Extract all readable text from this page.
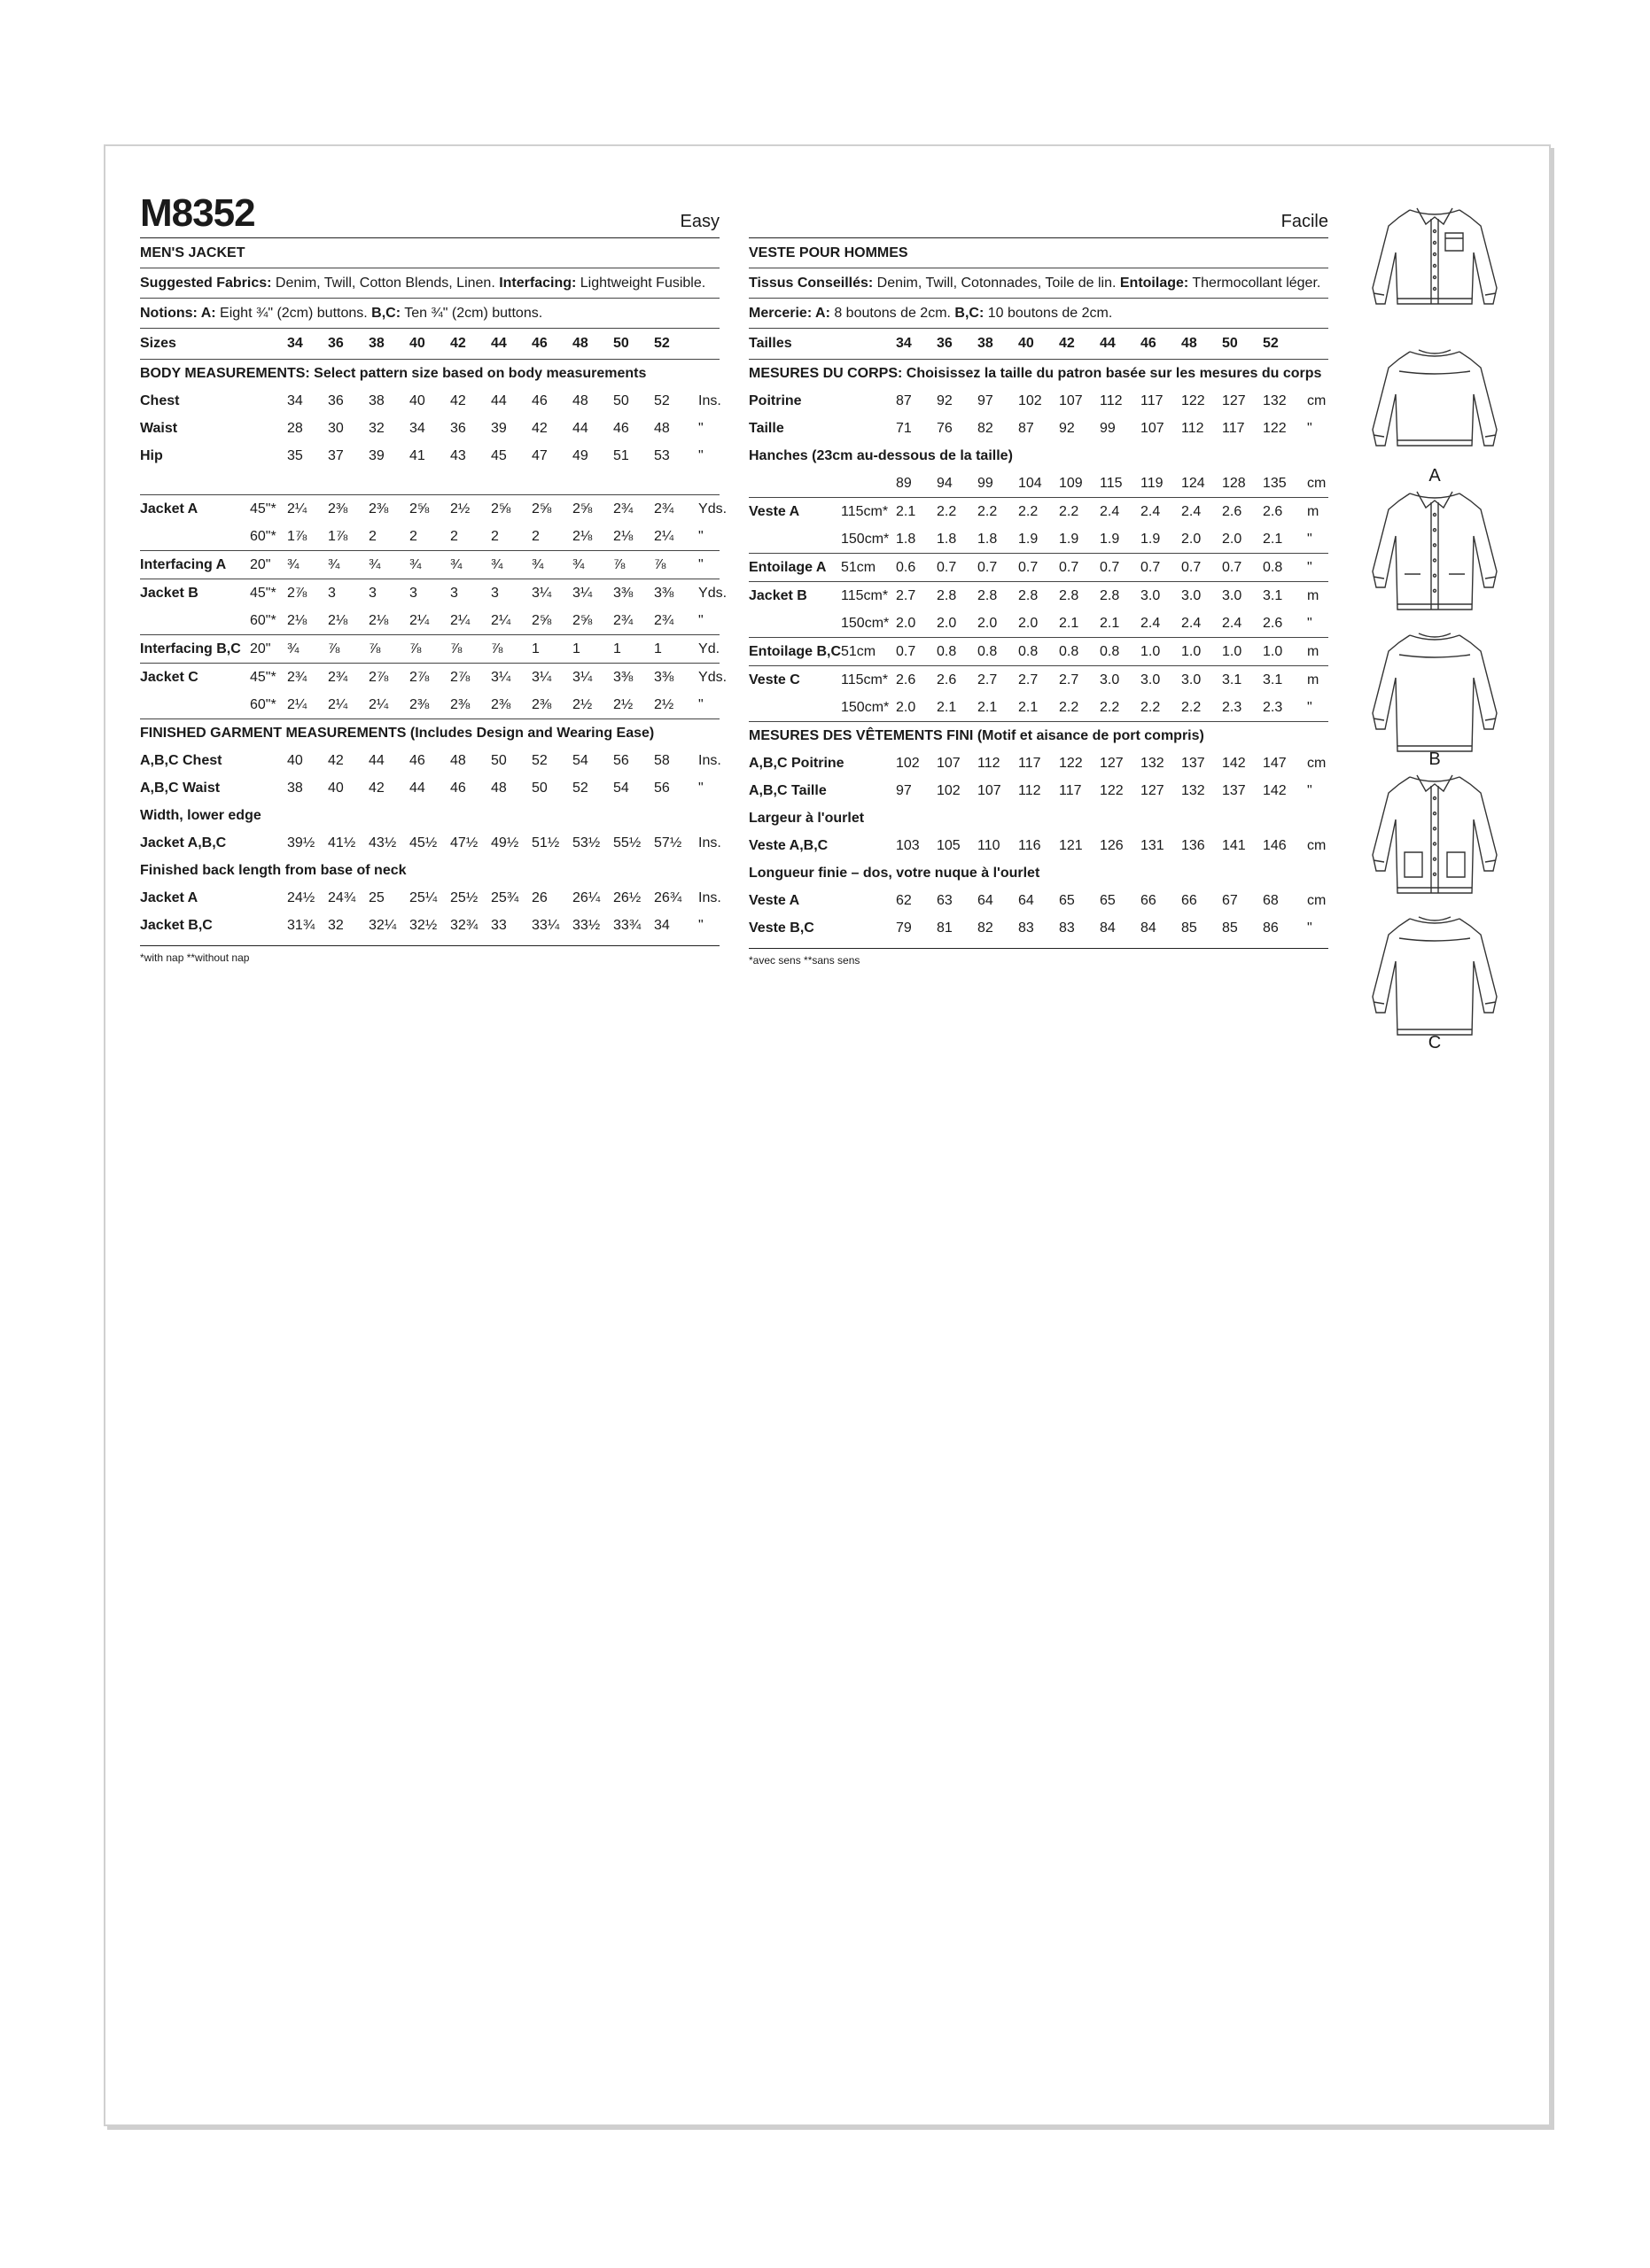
M8352	Easy
MEN'S JACKET
Suggested Fabrics: Denim, Twill, Cotton Blends, Linen. Interfacing: Lightweight Fusible.
Notions: A: Eight ¾" (2cm) buttons. B,C: Ten ¾" (2cm) buttons.
Sizes		34	36	38	40	42	44	46	48	50	52	
BODY MEASUREMENTS: Select pattern size based on body measurements												
Chest		34	36	38	40	42	44	46	48	50	52	Ins.
Waist		28	30	32	34	36	39	42	44	46	48	"
Hip		35	37	39	41	43	45	47	49	51	53	"

Jacket A	45"*	2¼	2⅜	2⅜	2⅝	2½	2⅝	2⅝	2⅝	2¾	2¾	Yds.
	60"*	1⅞	1⅞	2	2	2	2	2	2⅛	2⅛	2¼	"
Interfacing A	20"	¾	¾	¾	¾	¾	¾	¾	¾	⅞	⅞	"
Jacket B	45"*	2⅞	3	3	3	3	3	3¼	3¼	3⅜	3⅜	Yds.
	60"*	2⅛	2⅛	2⅛	2¼	2¼	2¼	2⅝	2⅝	2¾	2¾	"
Interfacing B,C	20"	¾	⅞	⅞	⅞	⅞	⅞	1	1	1	1	Yd.
Jacket C	45"*	2¾	2¾	2⅞	2⅞	2⅞	3¼	3¼	3¼	3⅜	3⅜	Yds.
	60"*	2¼	2¼	2¼	2⅜	2⅜	2⅜	2⅜	2½	2½	2½	"
FINISHED GARMENT MEASUREMENTS (Includes Design and Wearing Ease)												
A,B,C Chest		40	42	44	46	48	50	52	54	56	58	Ins.
A,B,C Waist		38	40	42	44	46	48	50	52	54	56	"
Width, lower edge												
Jacket A,B,C		39½	41½	43½	45½	47½	49½	51½	53½	55½	57½	Ins.
Finished back length from base of neck												
Jacket A		24½	24¾	25	25¼	25½	25¾	26	26¼	26½	26¾	Ins.
Jacket B,C		31¾	32	32¼	32½	32¾	33	33¼	33½	33¾	34	"
*with nap **without nap
Facile
VESTE POUR HOMMES
Tissus Conseillés: Denim, Twill, Cotonnades, Toile de lin. Entoilage: Thermocollant léger.
Mercerie: A: 8 boutons de 2cm. B,C: 10 boutons de 2cm.
Tailles		34	36	38	40	42	44	46	48	50	52	
MESURES DU CORPS: Choisissez la taille du patron basée sur les mesures du corps												
Poitrine		87	92	97	102	107	112	117	122	127	132	cm
Taille		71	76	82	87	92	99	107	112	117	122	"
Hanches (23cm au-dessous de la taille)												
		89	94	99	104	109	115	119	124	128	135	cm
Veste A	115cm*	2.1	2.2	2.2	2.2	2.2	2.4	2.4	2.4	2.6	2.6	m
	150cm*	1.8	1.8	1.8	1.9	1.9	1.9	1.9	2.0	2.0	2.1	"
Entoilage A	51cm	0.6	0.7	0.7	0.7	0.7	0.7	0.7	0.7	0.7	0.8	"
Jacket B	115cm*	2.7	2.8	2.8	2.8	2.8	2.8	3.0	3.0	3.0	3.1	m
	150cm*	2.0	2.0	2.0	2.0	2.1	2.1	2.4	2.4	2.4	2.6	"
Entoilage B,C	51cm	0.7	0.8	0.8	0.8	0.8	0.8	1.0	1.0	1.0	1.0	m
Veste C	115cm*	2.6	2.6	2.7	2.7	2.7	3.0	3.0	3.0	3.1	3.1	m
	150cm*	2.0	2.1	2.1	2.1	2.2	2.2	2.2	2.2	2.3	2.3	"
MESURES DES VÊTEMENTS FINI (Motif et aisance de port compris)												
A,B,C Poitrine		102	107	112	117	122	127	132	137	142	147	cm
A,B,C Taille		97	102	107	112	117	122	127	132	137	142	"
Largeur à l'ourlet												
Veste A,B,C		103	105	110	116	121	126	131	136	141	146	cm
Longueur finie – dos, votre nuque à l'ourlet												
Veste A		62	63	64	64	65	65	66	66	67	68	cm
Veste B,C		79	81	82	83	83	84	84	85	85	86	"
*avec sens **sans sens
A
B
C
